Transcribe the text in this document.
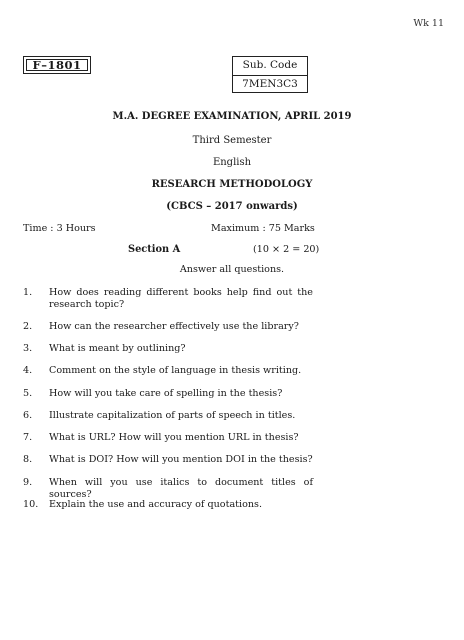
Wk 11
F–1801	Sub. Code
7MEN3C3
M.A. DEGREE EXAMINATION, APRIL 2019
Third Semester
English
RESEARCH METHODOLOGY
(CBCS – 2017 onwards)
Time : 3 Hours	Maximum : 75 Marks
Section A	(10 × 2 = 20)
Answer all questions.
1. How does reading different books help find out the research topic?
2. How can the researcher effectively use the library?
3. What is meant by outlining?
4. Comment on the style of language in thesis writing.
5. How will you take care of spelling in the thesis?
6. Illustrate capitalization of parts of speech in titles.
7. What is URL? How will you mention URL in thesis?
8. What is DOI? How will you mention DOI in the thesis?
9. When will you use italics to document titles of sources?
10. Explain the use and accuracy of quotations.
